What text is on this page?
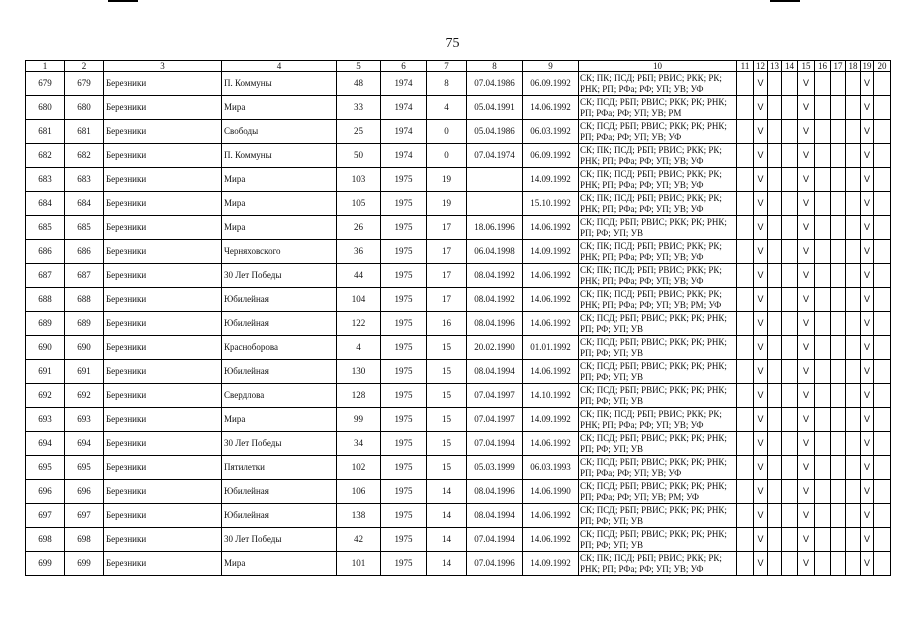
75
1	2	3	4	5	6	7	8	9	10	11	12	13	14	15	16	17	18	19	20
679	679	Березники	П. Коммуны	48	1974	8	07.04.1986	06.09.1992	СК; ПК; ПСД; РБП; РВИС; РКК; РК; РНК; РП; РФа; РФ; УП; УВ; УФ		V			V				V	
680	680	Березники	Мира	33	1974	4	05.04.1991	14.06.1992	СК; ПСД; РБП; РВИС; РКК; РК; РНК; РП; РФа; РФ; УП; УВ; РМ		V			V				V	
681	681	Березники	Свободы	25	1974	0	05.04.1986	06.03.1992	СК; ПСД; РБП; РВИС; РКК; РК; РНК; РП; РФа; РФ; УП; УВ; УФ		V			V				V	
682	682	Березники	П. Коммуны	50	1974	0	07.04.1974	06.09.1992	СК; ПК; ПСД; РБП; РВИС; РКК; РК; РНК; РП; РФа; РФ; УП; УВ; УФ		V			V				V	
683	683	Березники	Мира	103	1975	19		14.09.1992	СК; ПК; ПСД; РБП; РВИС; РКК; РК; РНК; РП; РФа; РФ; УП; УВ; УФ		V			V				V	
684	684	Березники	Мира	105	1975	19		15.10.1992	СК; ПК; ПСД; РБП; РВИС; РКК; РК; РНК; РП; РФа; РФ; УП; УВ; УФ		V			V				V	
685	685	Березники	Мира	26	1975	17	18.06.1996	14.06.1992	СК; ПСД; РБП; РВИС; РКК; РК; РНК; РП; РФ; УП; УВ		V			V				V	
686	686	Березники	Черняховского	36	1975	17	06.04.1998	14.09.1992	СК; ПК; ПСД; РБП; РВИС; РКК; РК; РНК; РП; РФа; РФ; УП; УВ; УФ		V			V				V	
687	687	Березники	30 Лет Победы	44	1975	17	08.04.1992	14.06.1992	СК; ПК; ПСД; РБП; РВИС; РКК; РК; РНК; РП; РФа; РФ; УП; УВ; УФ		V			V				V	
688	688	Березники	Юбилейная	104	1975	17	08.04.1992	14.06.1992	СК; ПК; ПСД; РБП; РВИС; РКК; РК; РНК; РП; РФа; РФ; УП; УВ; РМ; УФ		V			V				V	
689	689	Березники	Юбилейная	122	1975	16	08.04.1996	14.06.1992	СК; ПСД; РБП; РВИС; РКК; РК; РНК; РП; РФ; УП; УВ		V			V				V	
690	690	Березники	Красноборова	4	1975	15	20.02.1990	01.01.1992	СК; ПСД; РБП; РВИС; РКК; РК; РНК; РП; РФ; УП; УВ		V			V				V	
691	691	Березники	Юбилейная	130	1975	15	08.04.1994	14.06.1992	СК; ПСД; РБП; РВИС; РКК; РК; РНК; РП; РФ; УП; УВ		V			V				V	
692	692	Березники	Свердлова	128	1975	15	07.04.1997	14.10.1992	СК; ПСД; РБП; РВИС; РКК; РК; РНК; РП; РФ; УП; УВ		V			V				V	
693	693	Березники	Мира	99	1975	15	07.04.1997	14.09.1992	СК; ПК; ПСД; РБП; РВИС; РКК; РК; РНК; РП; РФа; РФ; УП; УВ; УФ		V			V				V	
694	694	Березники	30 Лет Победы	34	1975	15	07.04.1994	14.06.1992	СК; ПСД; РБП; РВИС; РКК; РК; РНК; РП; РФ; УП; УВ		V			V				V	
695	695	Березники	Пятилетки	102	1975	15	05.03.1999	06.03.1993	СК; ПСД; РБП; РВИС; РКК; РК; РНК; РП; РФа; РФ; УП; УВ; УФ		V			V				V	
696	696	Березники	Юбилейная	106	1975	14	08.04.1996	14.06.1990	СК; ПСД; РБП; РВИС; РКК; РК; РНК; РП; РФа; РФ; УП; УВ; РМ; УФ		V			V				V	
697	697	Березники	Юбилейная	138	1975	14	08.04.1994	14.06.1992	СК; ПСД; РБП; РВИС; РКК; РК; РНК; РП; РФ; УП; УВ		V			V				V	
698	698	Березники	30 Лет Победы	42	1975	14	07.04.1994	14.06.1992	СК; ПСД; РБП; РВИС; РКК; РК; РНК; РП; РФ; УП; УВ		V			V				V	
699	699	Березники	Мира	101	1975	14	07.04.1996	14.09.1992	СК; ПК; ПСД; РБП; РВИС; РКК; РК; РНК; РП; РФа; РФ; УП; УВ; УФ		V			V				V	
